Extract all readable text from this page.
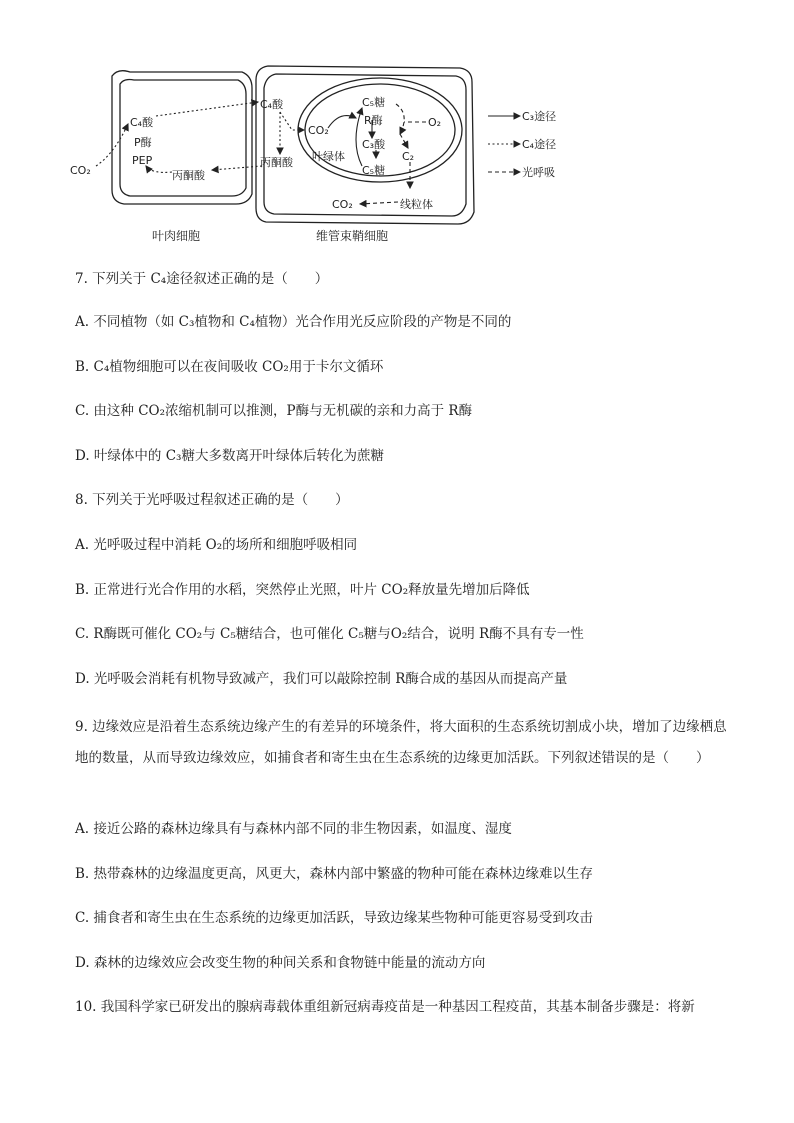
CO₂
C₄酸
P酶
PEP
丙酮酸
C₄酸
丙酮酸
CO₂
C₅糖
R酶	O₂
C₃酸
叶绿体	C₂
C₅糖
CO₂	线粒体
叶肉细胞	维管束鞘细胞
C₃途径
C₄途径
光呼吸
7. 下列关于 C₄途径叙述正确的是（　　）
A. 不同植物（如 C₃植物和 C₄植物）光合作用光反应阶段的产物是不同的
B. C₄植物细胞可以在夜间吸收 CO₂用于卡尔文循环
C. 由这种 CO₂浓缩机制可以推测，P酶与无机碳的亲和力高于 R酶
D. 叶绿体中的 C₃糖大多数离开叶绿体后转化为蔗糖
8. 下列关于光呼吸过程叙述正确的是（　　）
A. 光呼吸过程中消耗 O₂的场所和细胞呼吸相同
B. 正常进行光合作用的水稻，突然停止光照，叶片 CO₂释放量先增加后降低
C. R酶既可催化 CO₂与 C₅糖结合，也可催化 C₅糖与O₂结合，说明 R酶不具有专一性
D. 光呼吸会消耗有机物导致减产，我们可以敲除控制 R酶合成的基因从而提高产量
9. 边缘效应是沿着生态系统边缘产生的有差异的环境条件，将大面积的生态系统切割成小块，增加了边缘栖息地的数量，从而导致边缘效应，如捕食者和寄生虫在生态系统的边缘更加活跃。下列叙述错误的是（　　）
A. 接近公路的森林边缘具有与森林内部不同的非生物因素，如温度、湿度
B. 热带森林的边缘温度更高，风更大，森林内部中繁盛的物种可能在森林边缘难以生存
C. 捕食者和寄生虫在生态系统的边缘更加活跃，导致边缘某些物种可能更容易受到攻击
D. 森林的边缘效应会改变生物的种间关系和食物链中能量的流动方向
10. 我国科学家已研发出的腺病毒载体重组新冠病毒疫苗是一种基因工程疫苗，其基本制备步骤是：将新
